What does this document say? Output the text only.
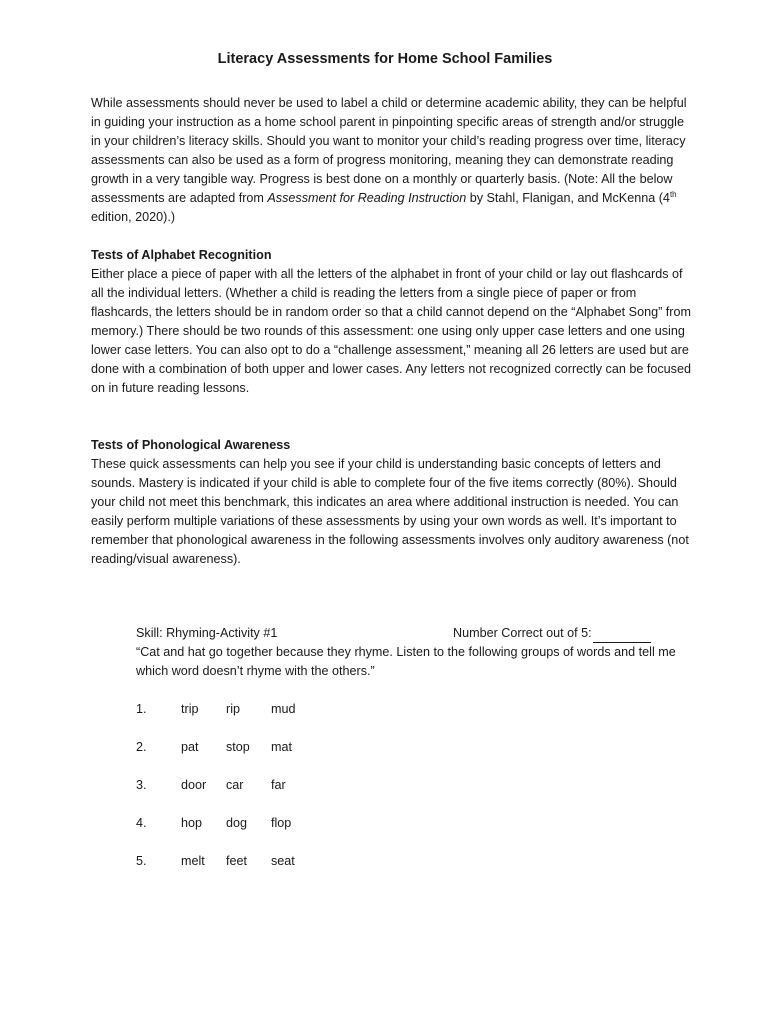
Literacy Assessments for Home School Families

While assessments should never be used to label a child or determine academic ability, they can be helpful in guiding your instruction as a home school parent in pinpointing specific areas of strength and/or struggle in your children’s literacy skills. Should you want to monitor your child’s reading progress over time, literacy assessments can also be used as a form of progress monitoring, meaning they can demonstrate reading growth in a very tangible way. Progress is best done on a monthly or quarterly basis. (Note: All the below assessments are adapted from Assessment for Reading Instruction by Stahl, Flanigan, and McKenna (4th edition, 2020).)

Tests of Alphabet Recognition

Either place a piece of paper with all the letters of the alphabet in front of your child or lay out flashcards of all the individual letters. (Whether a child is reading the letters from a single piece of paper or from flashcards, the letters should be in random order so that a child cannot depend on the “Alphabet Song” from memory.) There should be two rounds of this assessment: one using only upper case letters and one using lower case letters. You can also opt to do a “challenge assessment,” meaning all 26 letters are used but are done with a combination of both upper and lower cases. Any letters not recognized correctly can be focused on in future reading lessons.

Tests of Phonological Awareness

These quick assessments can help you see if your child is understanding basic concepts of letters and sounds. Mastery is indicated if your child is able to complete four of the five items correctly (80%). Should your child not meet this benchmark, this indicates an area where additional instruction is needed. You can easily perform multiple variations of these assessments by using your own words as well. It’s important to remember that phonological awareness in the following assessments involves only auditory awareness (not reading/visual awareness).

Skill: Rhyming-Activity #1	Number Correct out of 5:

“Cat and hat go together because they rhyme. Listen to the following groups of words and tell me which word doesn’t rhyme with the others.”

1.	trip rip mud
2.	pat stop mat
3.	door car far
4.	hop dog flop
5.	melt feet seat
